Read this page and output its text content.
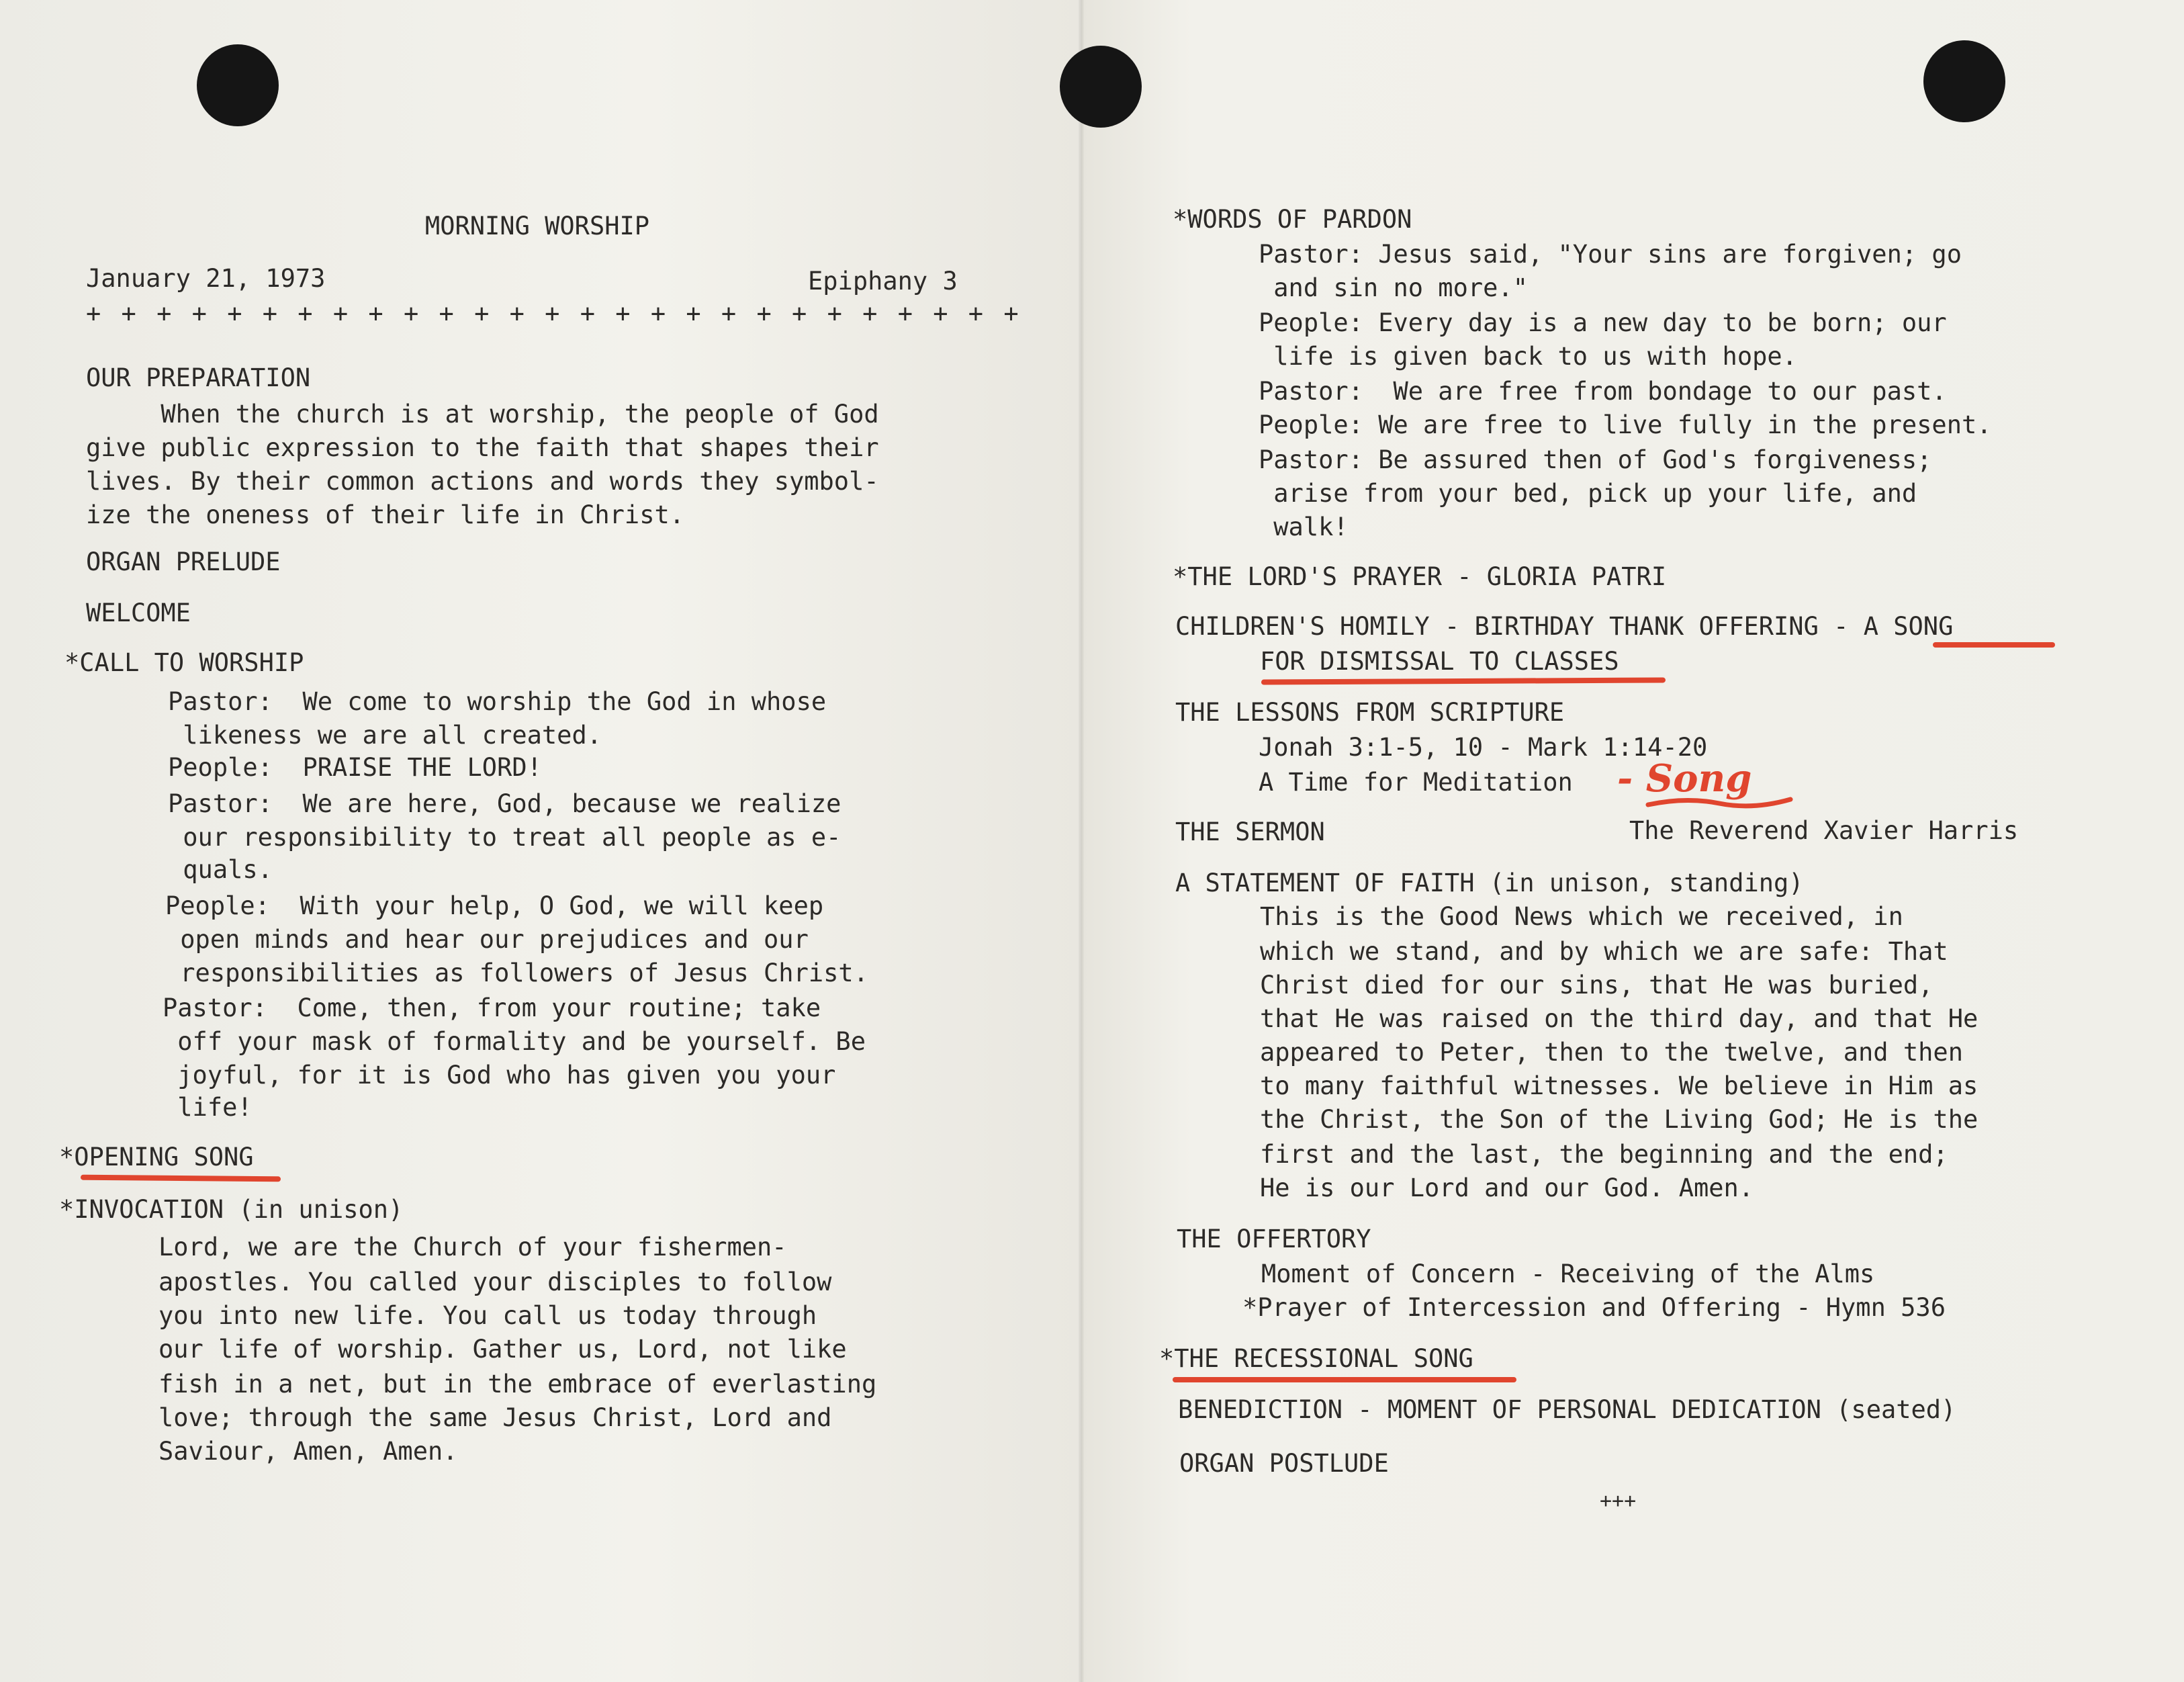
MORNING WORSHIP
January 21, 1973	Epiphany 3
+ + + + + + + + + + + + + + + + + + + + + + + + + + +
OUR PREPARATION
When the church is at worship, the people of God
give public expression to the faith that shapes their
lives. By their common actions and words they symbol-
ize the oneness of their life in Christ.
ORGAN PRELUDE
WELCOME
*CALL TO WORSHIP
Pastor:  We come to worship the God in whose
likeness we are all created.
People:  PRAISE THE LORD!
Pastor:  We are here, God, because we realize
our responsibility to treat all people as e-
quals.
People:  With your help, O God, we will keep
open minds and hear our prejudices and our
responsibilities as followers of Jesus Christ.
Pastor:  Come, then, from your routine; take
off your mask of formality and be yourself. Be
joyful, for it is God who has given you your
life!
*OPENING SONG
*INVOCATION (in unison)
Lord, we are the Church of your fishermen-
apostles. You called your disciples to follow
you into new life. You call us today through
our life of worship. Gather us, Lord, not like
fish in a net, but in the embrace of everlasting
love; through the same Jesus Christ, Lord and
Saviour, Amen, Amen.
*WORDS OF PARDON
Pastor: Jesus said, "Your sins are forgiven; go
and sin no more."
People: Every day is a new day to be born; our
life is given back to us with hope.
Pastor:  We are free from bondage to our past.
People: We are free to live fully in the present.
Pastor: Be assured then of God's forgiveness;
arise from your bed, pick up your life, and
walk!
*THE LORD'S PRAYER - GLORIA PATRI
CHILDREN'S HOMILY - BIRTHDAY THANK OFFERING - A SONG
FOR DISMISSAL TO CLASSES
THE LESSONS FROM SCRIPTURE
Jonah 3:1-5, 10 - Mark 1:14-20
A Time for Meditation - Song
THE SERMON	The Reverend Xavier Harris
A STATEMENT OF FAITH (in unison, standing)
This is the Good News which we received, in
which we stand, and by which we are safe: That
Christ died for our sins, that He was buried,
that He was raised on the third day, and that He
appeared to Peter, then to the twelve, and then
to many faithful witnesses. We believe in Him as
the Christ, the Son of the Living God; He is the
first and the last, the beginning and the end;
He is our Lord and our God. Amen.
THE OFFERTORY
Moment of Concern - Receiving of the Alms
*Prayer of Intercession and Offering - Hymn 536
*THE RECESSIONAL SONG
BENEDICTION - MOMENT OF PERSONAL DEDICATION (seated)
ORGAN POSTLUDE
+++
